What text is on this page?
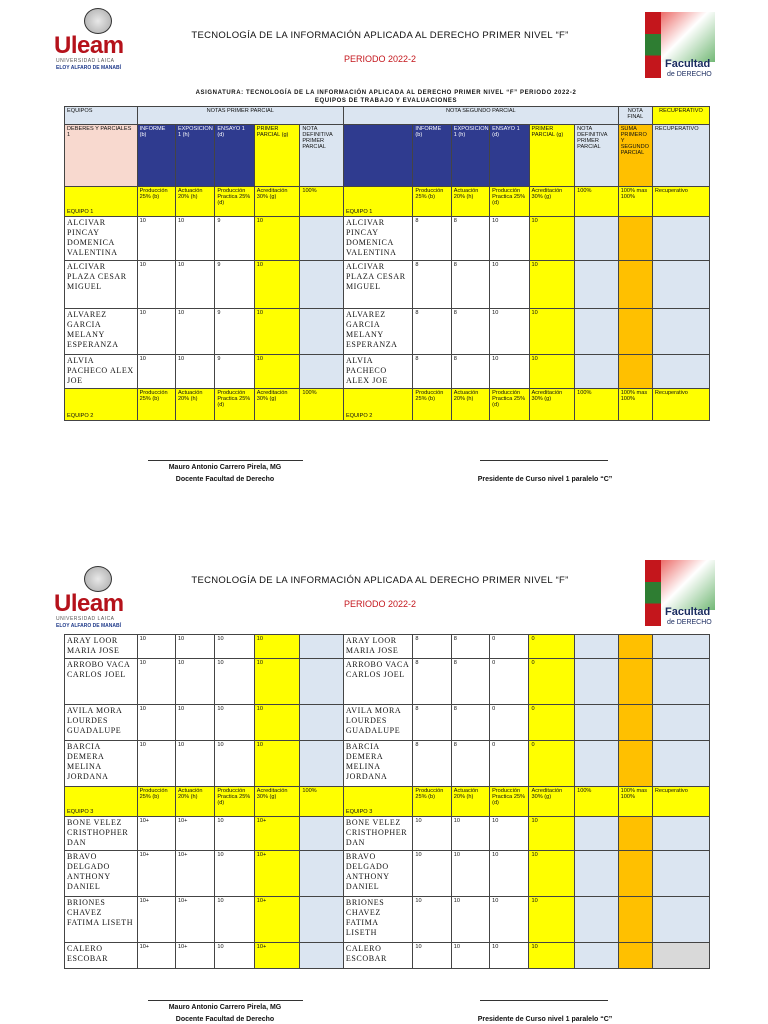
Uleam
UNIVERSIDAD LAICA
ELOY ALFARO DE MANABÍ
TECNOLOGÍA DE LA INFORMACIÓN APLICADA AL DERECHO PRIMER NIVEL “F”
PERIODO 2022-2	Facultad
de DERECHO
ASIGNATURA: TECNOLOGÍA DE LA INFORMACIÓN APLICADA AL DERECHO PRIMER NIVEL “F” PERIODO 2022-2
EQUIPOS DE TRABAJO Y EVALUACIONES
EQUIPOS	NOTAS PRIMER PARCIAL					NOTA SEGUNDO PARCIAL						NOTA FINAL	RECUPERATIVO
DEBERES Y PARCIALES 1	INFORME (b)	EXPOSICION 1 (h)	ENSAYO 1 (d)	PRIMER PARCIAL (g)	NOTA DEFINITIVA PRIMER PARCIAL		INFORME (b)	EXPOSICION 1 (h)	ENSAYO 1 (d)	PRIMER PARCIAL (g)	NOTA DEFINITIVA PRIMER PARCIAL	SUMA PRIMERO Y SEGUNDO PARCIAL	RECUPERATIVO
EQUIPO 1	Producción 25% (b)	Actuación 20% (h)	Producción Practica 25% (d)	Acreditación 30% (g)	100%	EQUIPO 1	Producción 25% (b)	Actuación 20% (h)	Producción Practica 25% (d)	Acreditación 30% (g)	100%	100% mas 100%	Recuperativo
ALCIVAR PINCAY DOMENICA VALENTINA	10	10	9	10		ALCIVAR PINCAY DOMENICA VALENTINA	8	8	10	10			
ALCIVAR PLAZA CESAR MIGUEL	10	10	9	10		ALCIVAR PLAZA CESAR MIGUEL	8	8	10	10			
ALVAREZ GARCIA MELANY ESPERANZA	10	10	9	10		ALVAREZ GARCIA MELANY ESPERANZA	8	8	10	10			
ALVIA PACHECO ALEX JOE	10	10	9	10		ALVIA PACHECO ALEX JOE	8	8	10	10			
EQUIPO 2	Producción 25% (b)	Actuación 20% (h)	Producción Practica 25% (d)	Acreditación 30% (g)	100%	EQUIPO 2	Producción 25% (b)	Actuación 20% (h)	Producción Practica 25% (d)	Acreditación 30% (g)	100%	100% mas 100%	Recuperativo
Mauro Antonio Carrero Pirela, MG
Docente Facultad de Derecho	Presidente de Curso nivel 1 paralelo “C”
Uleam
UNIVERSIDAD LAICA
ELOY ALFARO DE MANABÍ
TECNOLOGÍA DE LA INFORMACIÓN APLICADA AL DERECHO PRIMER NIVEL “F”
PERIODO 2022-2
Facultad
de DERECHO
ARAY LOOR MARIA JOSE	10	10	10	10		ARAY LOOR MARIA JOSE	8	8	0	0			
ARROBO VACA CARLOS JOEL	10	10	10	10		ARROBO VACA CARLOS JOEL	8	8	0	0			
AVILA MORA LOURDES GUADALUPE	10	10	10	10		AVILA MORA LOURDES GUADALUPE	8	8	0	0			
BARCIA DEMERA MELINA JORDANA	10	10	10	10		BARCIA DEMERA MELINA JORDANA	8	8	0	0			
EQUIPO 3	Producción 25% (b)	Actuación 20% (h)	Producción Practica 25% (d)	Acreditación 30% (g)	100%	EQUIPO 3	Producción 25% (b)	Actuación 20% (h)	Producción Practica 25% (d)	Acreditación 30% (g)	100%	100% mas 100%	Recuperativo
BONE VELEZ CRISTHOPHER DAN	10+	10+	10	10+		BONE VELEZ CRISTHOPHER DAN	10	10	10	10			
BRAVO DELGADO ANTHONY DANIEL	10+	10+	10	10+		BRAVO DELGADO ANTHONY DANIEL	10	10	10	10			
BRIONES CHAVEZ FATIMA LISETH	10+	10+	10	10+		BRIONES CHAVEZ FATIMA LISETH	10	10	10	10			
CALERO ESCOBAR	10+	10+	10	10+		CALERO ESCOBAR	10	10	10	10			
Mauro Antonio Carrero Pirela, MG
Docente Facultad de Derecho	Presidente de Curso nivel 1 paralelo “C”
